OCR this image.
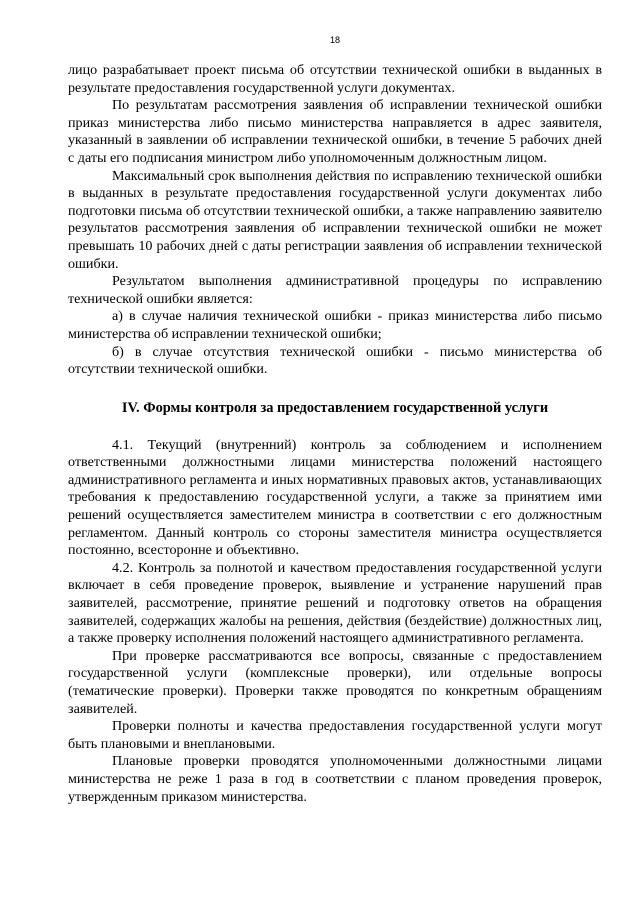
18

лицо разрабатывает проект письма об отсутствии технической ошибки в выданных в результате предоставления государственной услуги документах.

По результатам рассмотрения заявления об исправлении технической ошибки приказ министерства либо письмо министерства направляется в адрес заявителя, указанный в заявлении об исправлении технической ошибки, в течение 5 рабочих дней с даты его подписания министром либо уполномоченным должностным лицом.

Максимальный срок выполнения действия по исправлению технической ошибки в выданных в результате предоставления государственной услуги документах либо подготовки письма об отсутствии технической ошибки, а также направлению заявителю результатов рассмотрения заявления об исправлении технической ошибки не может превышать 10 рабочих дней с даты регистрации заявления об исправлении технической ошибки.

Результатом выполнения административной процедуры по исправлению технической ошибки является:

а) в случае наличия технической ошибки - приказ министерства либо письмо министерства об исправлении технической ошибки;

б) в случае отсутствия технической ошибки - письмо министерства об отсутствии технической ошибки.

IV. Формы контроля за предоставлением государственной услуги

4.1. Текущий (внутренний) контроль за соблюдением и исполнением ответственными должностными лицами министерства положений настоящего административного регламента и иных нормативных правовых актов, устанавливающих требования к предоставлению государственной услуги, а также за принятием ими решений осуществляется заместителем министра в соответствии с его должностным регламентом. Данный контроль со стороны заместителя министра осуществляется постоянно, всесторонне и объективно.

4.2. Контроль за полнотой и качеством предоставления государственной услуги включает в себя проведение проверок, выявление и устранение нарушений прав заявителей, рассмотрение, принятие решений и подготовку ответов на обращения заявителей, содержащих жалобы на решения, действия (бездействие) должностных лиц, а также проверку исполнения положений настоящего административного регламента.

При проверке рассматриваются все вопросы, связанные с предоставлением государственной услуги (комплексные проверки), или отдельные вопросы (тематические проверки). Проверки также проводятся по конкретным обращениям заявителей.

Проверки полноты и качества предоставления государственной услуги могут быть плановыми и внеплановыми.

Плановые проверки проводятся уполномоченными должностными лицами министерства не реже 1 раза в год в соответствии с планом проведения проверок, утвержденным приказом министерства.
